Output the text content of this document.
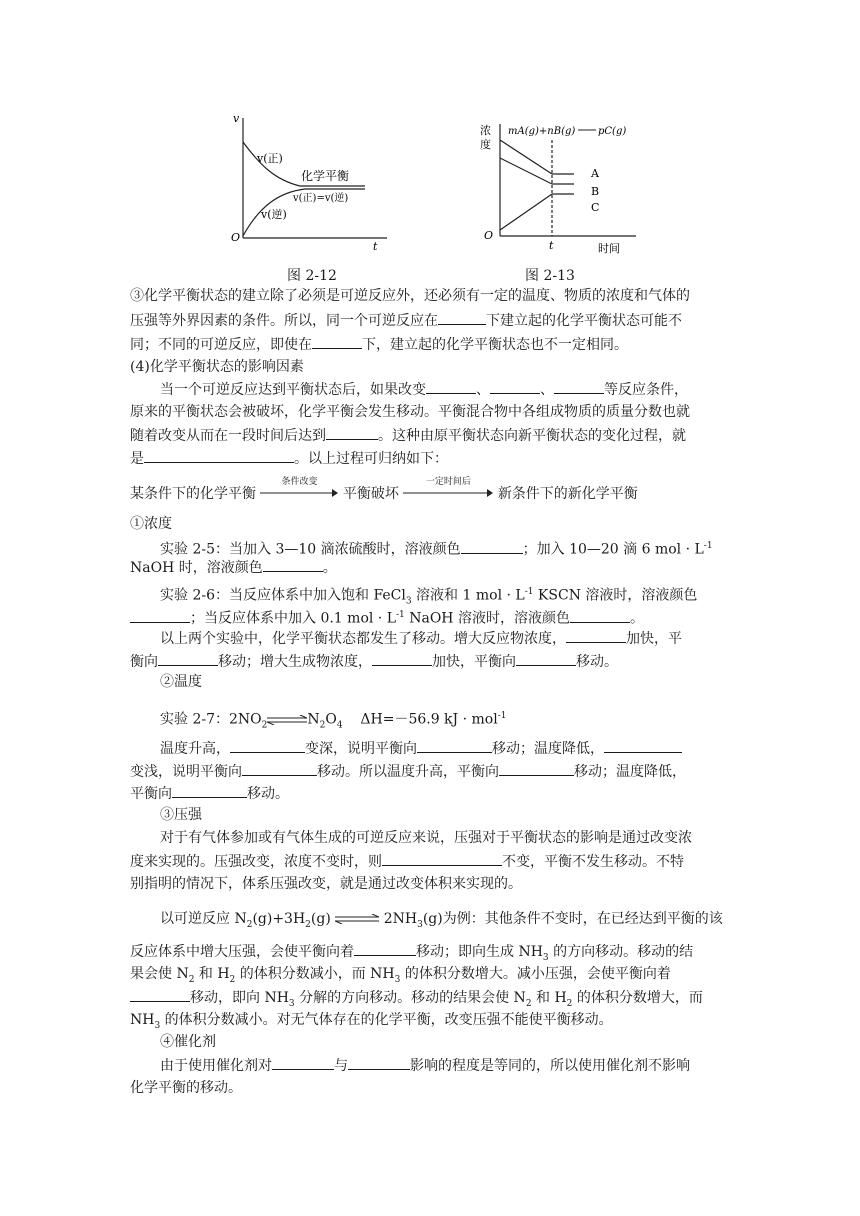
v
O
t
v(正)
v(逆)
化学平衡
v(正)=v(逆)
图 2-12
浓
度
mA(g)+nB(g) pC(g)
O
t	时间
A
B
C
图 2-13
③化学平衡状态的建立除了必须是可逆反应外，还必须有一定的温度、物质的浓度和气体的
压强等外界因素的条件。所以，同一个可逆反应在	下建立起的化学平衡状态可能不
同；不同的可逆反应，即使在	下，建立起的化学平衡状态也不一定相同。
(4)化学平衡状态的影响因素
当一个可逆反应达到平衡状态后，如果改变	、	、	等反应条件，
原来的平衡状态会被破坏，化学平衡会发生移动。平衡混合物中各组成物质的质量分数也就
随着改变从而在一段时间后达到	。这种由原平衡状态向新平衡状态的变化过程，就
是	。以上过程可归纳如下：
某条件下的化学平衡
条件改变
平衡破坏
一定时间后
新条件下的新化学平衡
①浓度
实验 2-5：当加入 3—10 滴浓硫酸时，溶液颜色	；加入 10—20 滴 6 mol · $L^{-1}$
NaOH 时，溶液颜色	。
实验 2-6：当反应体系中加入饱和 FeCl$_3$ 溶液和 1 mol · $L^{-1}$ KSCN 溶液时，溶液颜色
；当反应体系中加入 0.1 mol · $L^{-1}$ NaOH 溶液时，溶液颜色	。
以上两个实验中，化学平衡状态都发生了移动。增大反应物浓度，	加快，平
衡向	移动；增大生成物浓度，	加快，平衡向	移动。
②温度
实验 2-7：$2NO_2$ $\rightleftharpoons N_2O_4$ ΔH=－56.9 kJ · mol$^{-1}$
温度升高，	变深，说明平衡向	移动；温度降低，
变浅，说明平衡向	移动。所以温度升高，平衡向	移动；温度降低，
平衡向	移动。
③压强
对于有气体参加或有气体生成的可逆反应来说，压强对于平衡状态的影响是通过改变浓
度来实现的。压强改变，浓度不变时，则	不变，平衡不发生移动。不特
别指明的情况下，体系压强改变，就是通过改变体积来实现的。
以可逆反应 $N_2(g)+3H_2(g)$ ⇌ $2NH_3(g)$为例：其他条件不变时，在已经达到平衡的该
反应体系中增大压强，会使平衡向着	移动；即向生成 $NH_3$ 的方向移动。移动的结
果会使 $N_2$ 和 $H_2$ 的体积分数减小，而 $NH_3$ 的体积分数增大。减小压强，会使平衡向着
移动，即向 $NH_3$ 分解的方向移动。移动的结果会使 $N_2$ 和 $H_2$ 的体积分数增大，而
$NH_3$ 的体积分数减小。对无气体存在的化学平衡，改变压强不能使平衡移动。
④催化剂
由于使用催化剂对	与	影响的程度是等同的，所以使用催化剂不影响
化学平衡的移动。
